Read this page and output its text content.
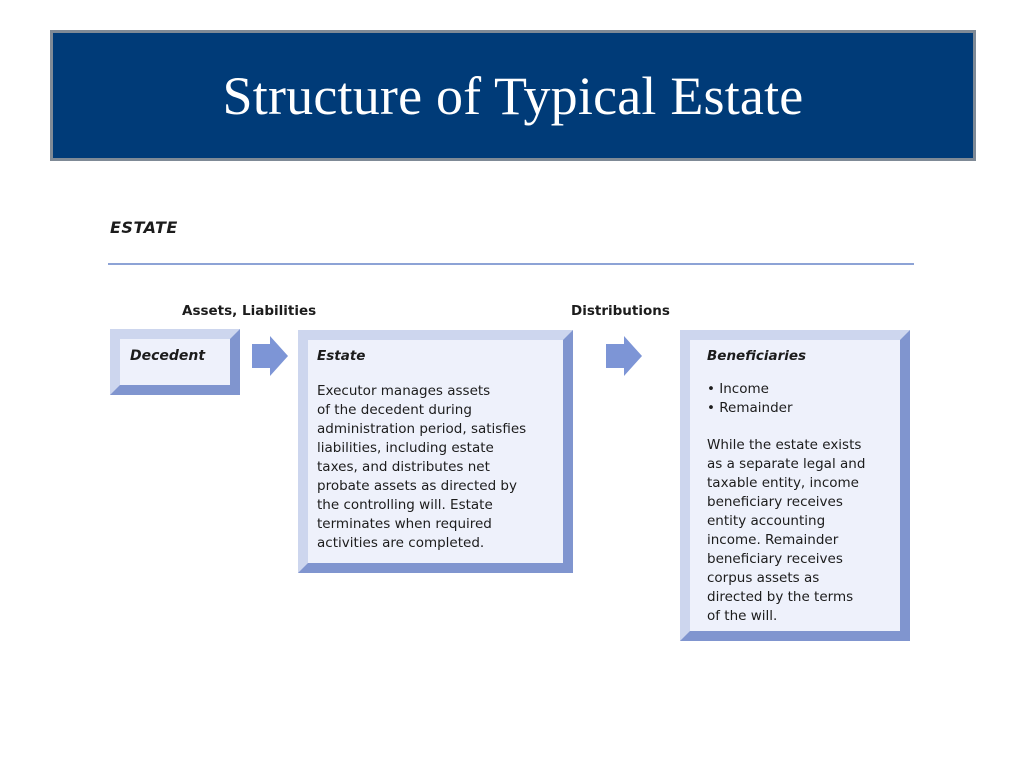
Structure of Typical Estate
ESTATE
Assets, Liabilities	Distributions
Decedent	Estate
Executor manages assets
of the decedent during
administration period, satisfies
liabilities, including estate
taxes, and distributes net
probate assets as directed by
the controlling will. Estate
terminates when required
activities are completed.
Beneficiaries
• Income
• Remainder
While the estate exists
as a separate legal and
taxable entity, income
beneficiary receives
entity accounting
income. Remainder
beneficiary receives
corpus assets as
directed by the terms
of the will.
